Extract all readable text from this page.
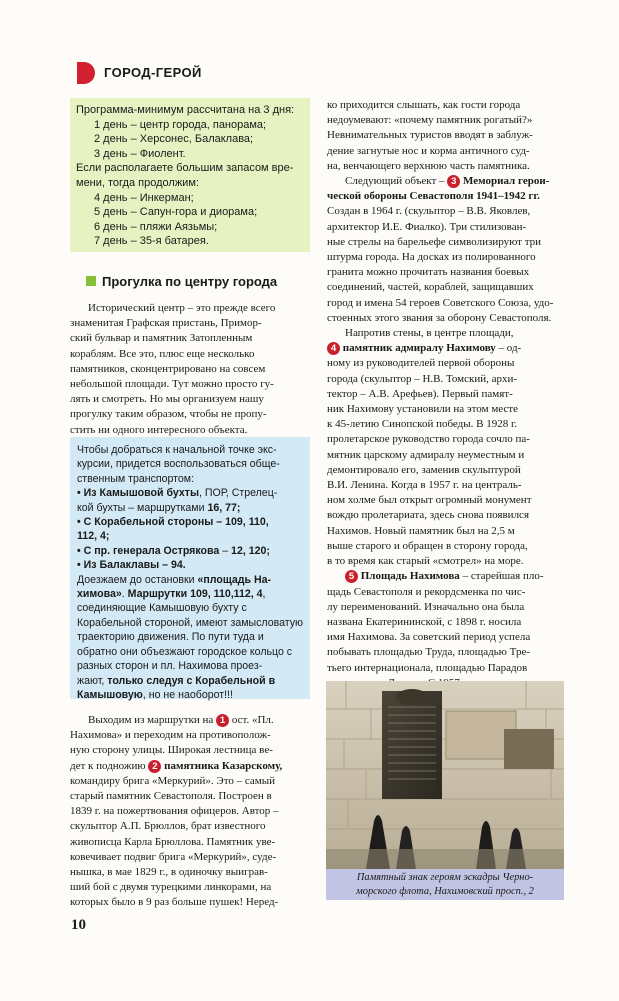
ГОРОД-ГЕРОЙ
Программа-минимум рассчитана на 3 дня:
1 день – центр города, панорама;
2 день – Херсонес, Балаклава;
3 день – Фиолент.
Если располагаете большим запасом вре-
мени, тогда продолжим:
4 день – Инкерман;
5 день – Сапун-гора и диорама;
6 день – пляжи Аязьмы;
7 день – 35-я батарея.
Прогулка по центру города

Исторический центр – это прежде всего

знаменитая Графская пристань, Примор-

ский бульвар и памятник Затопленным

кораблям. Все это, плюс еще несколько

памятников, сконцентрировано на совсем

небольшой площади. Тут можно просто гу-

лять и смотреть. Но мы организуем нашу

прогулку таким образом, чтобы не пропу-

стить ни одного интересного объекта.

Чтобы добраться к начальной точке экс-

курсии, придется воспользоваться обще-

ственным транспортом:

• Из Камышовой бухты, ПОР, Стрелец-

кой бухты – маршрутками 16, 77;

• С Корабельной стороны – 109, 110,

112, 4;

• С пр. генерала Острякова – 12, 120;

• Из Балаклавы – 94.

Доезжаем до остановки «площадь На-

химова». Маршрутки 109, 110,112, 4,

соединяющие Камышовую бухту с Корабельной стороной, имеют замысловатую траекторию движения. По пути туда и обратно они объезжают городское кольцо с разных сторон и пл. Нахимова проез-

жают, только следуя с Корабельной в Камышовую, но не наоборот!!!

Выходим из маршрутки на 1 ост. «Пл.

Нахимова» и переходим на противополож-

ную сторону улицы. Широкая лестница ве-

дет к подножию 2 памятника Казарскому,

командиру брига «Меркурий». Это – самый

старый памятник Севастополя. Построен в

1839 г. на пожертвования офицеров. Автор –

скульптор А.П. Брюллов, брат известного

живописца Карла Брюллова. Памятник уве-

ковечивает подвиг брига «Меркурий», суде-

нышка, в мае 1829 г., в одиночку выиграв-

ший бой с двумя турецкими линкорами, на

которых было в 9 раз больше пушек! Неред-

ко приходится слышать, как гости города

недоумевают: «почему памятник рогатый?»

Невнимательных туристов вводят в заблуж-

дение загнутые нос и корма античного суд-

на, венчающего верхнюю часть памятника.

Следующий объект – 3 Мемориал герои-

ческой обороны Севастополя 1941–1942 гг.

Создан в 1964 г. (скульптор – В.В. Яковлев,

архитектор И.Е. Фиалко). Три стилизован-

ные стрелы на барельефе символизируют три

штурма города. На досках из полированного

гранита можно прочитать названия боевых

соединений, частей, кораблей, защищавших

город и имена 54 героев Советского Союза, удо-

стоенных этого звания за оборону Севастополя.

Напротив стены, в центре площади,

4 памятник адмиралу Нахимову – од-

ному из руководителей первой обороны

города (скульптор – Н.В. Томский, архи-

тектор – А.В. Арефьев). Первый памят-

ник Нахимову установили на этом месте

к 45-летию Синопской победы. В 1928 г.

пролетарское руководство города сочло па-

мятник царскому адмиралу неуместным и

демонтировало его, заменив скульптурой

В.И. Ленина. Когда в 1957 г. на централь-

ном холме был открыт огромный монумент

вождю пролетариата, здесь снова появился

Нахимов. Новый памятник был на 2,5 м

выше старого и обращен в сторону города,

в то время как старый «смотрел» на море.

5 Площадь Нахимова – старейшая пло-

щадь Севастополя и рекордсменка по чис-

лу переименований. Изначально она была

названа Екатерининской, с 1898 г. носила

имя Нахимова. За советский период успела

побывать площадью Труда, площадью Тре-

тьего интернационала, площадью Парадов

Памятный знак героям эскадры Черно-
морского флота, Нахимовский просп., 2
10
